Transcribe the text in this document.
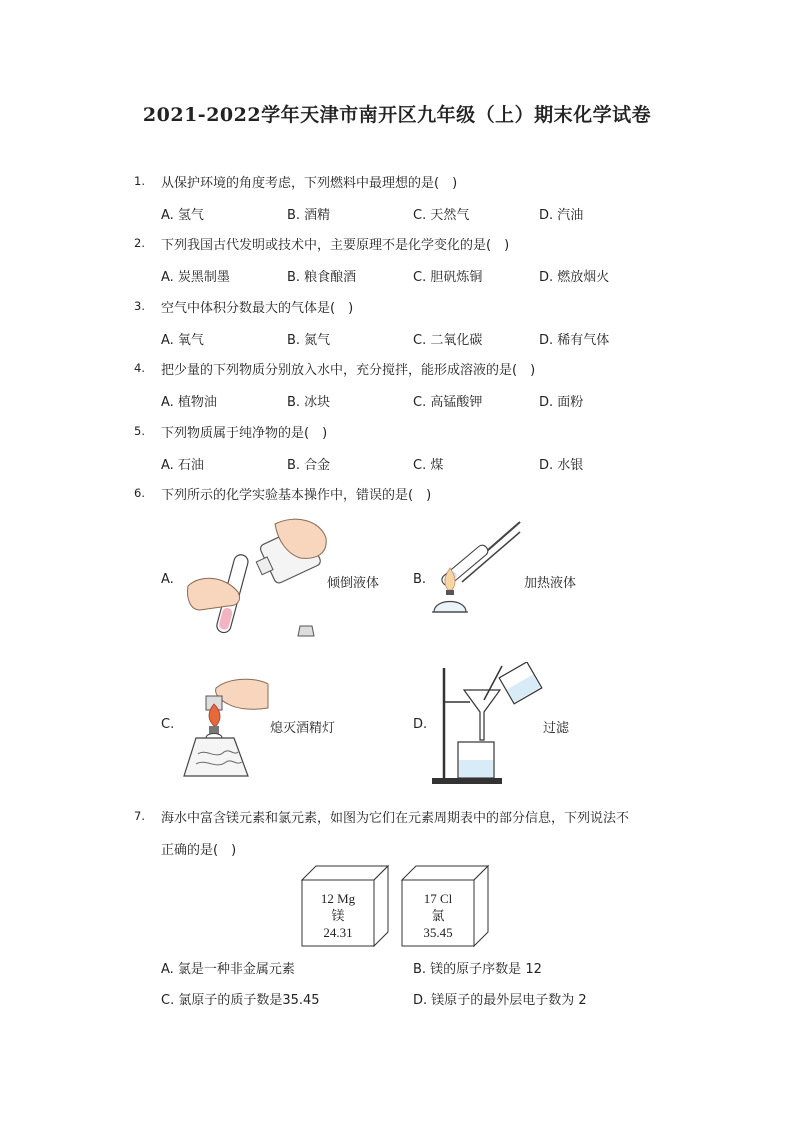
2021-2022学年天津市南开区九年级（上）期末化学试卷
1. 从保护环境的角度考虑，下列燃料中最理想的是(　)
A. 氢气	B. 酒精	C. 天然气	D. 汽油
2. 下列我国古代发明或技术中，主要原理不是化学变化的是(　)
A. 炭黑制墨	B. 粮食酿酒	C. 胆矾炼铜	D. 燃放烟火
3. 空气中体积分数最大的气体是(　)
A. 氧气	B. 氮气	C. 二氧化碳	D. 稀有气体
4. 把少量的下列物质分别放入水中，充分搅拌，能形成溶液的是(　)
A. 植物油	B. 冰块	C. 高锰酸钾	D. 面粉
5. 下列物质属于纯净物的是(　)
A. 石油	B. 合金	C. 煤	D. 水银
6. 下列所示的化学实验基本操作中，错误的是(　)
A.	倾倒液体	B.	加热液体
C.	熄灭酒精灯	D.	过滤
7. 海水中富含镁元素和氯元素，如图为它们在元素周期表中的部分信息，下列说法不
正确的是(　)
12 Mg
镁
24.31
17 Cl
氯
35.45
A. 氯是一种非金属元素	B. 镁的原子序数是 12
C. 氯原子的质子数是35.45	D. 镁原子的最外层电子数为 2
